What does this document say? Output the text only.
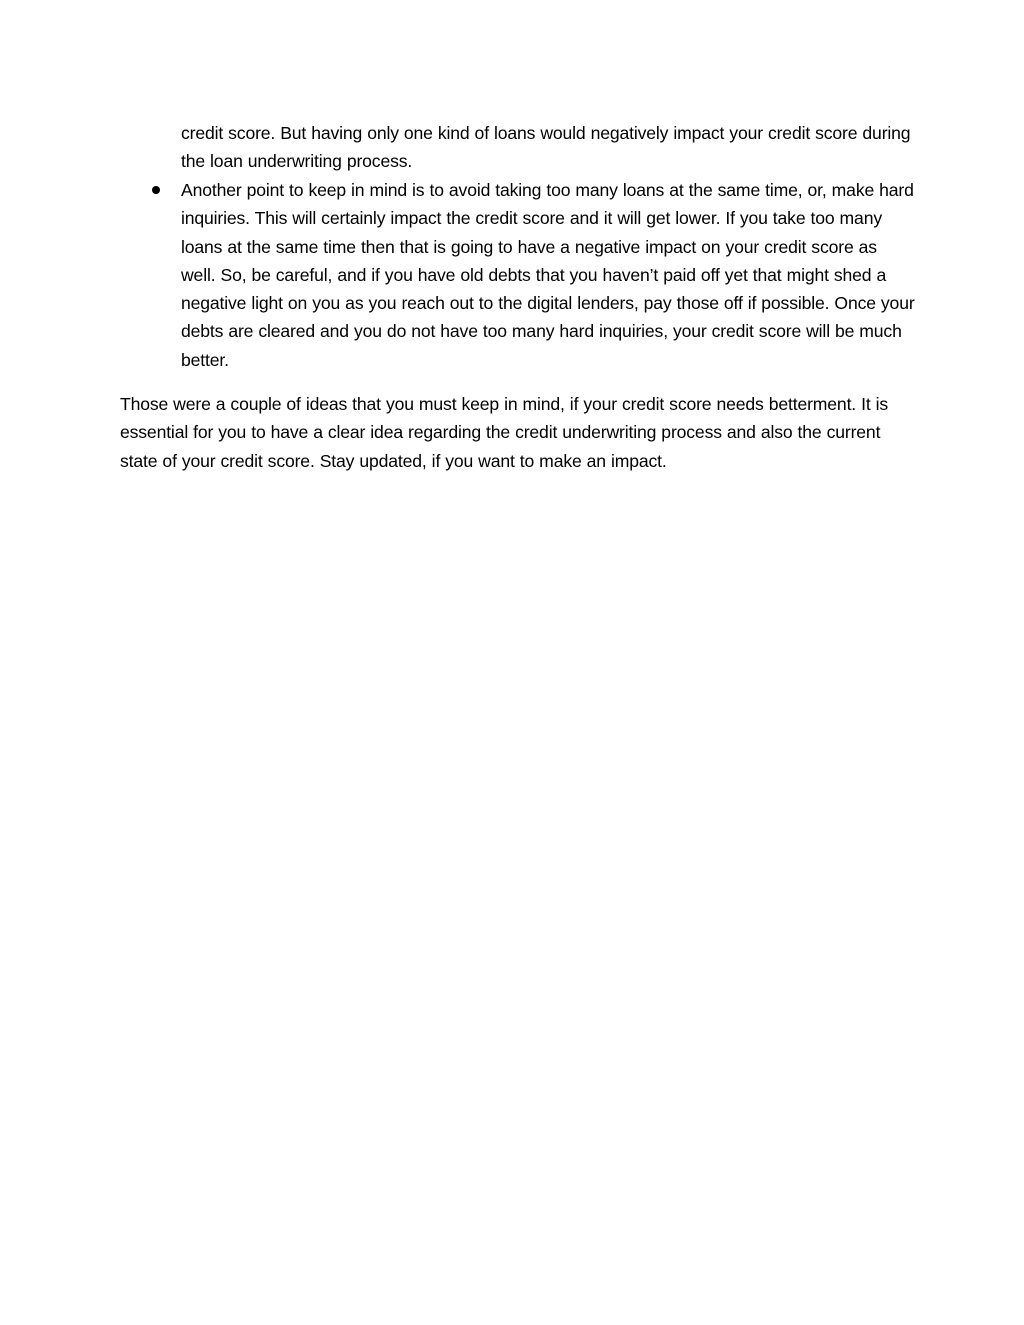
credit score. But having only one kind of loans would negatively impact your credit score during the loan underwriting process.

Another point to keep in mind is to avoid taking too many loans at the same time, or, make hard inquiries. This will certainly impact the credit score and it will get lower. If you take too many loans at the same time then that is going to have a negative impact on your credit score as well. So, be careful, and if you have old debts that you haven’t paid off yet that might shed a negative light on you as you reach out to the digital lenders, pay those off if possible. Once your debts are cleared and you do not have too many hard inquiries, your credit score will be much better.

Those were a couple of ideas that you must keep in mind, if your credit score needs betterment. It is essential for you to have a clear idea regarding the credit underwriting process and also the current state of your credit score. Stay updated, if you want to make an impact.
